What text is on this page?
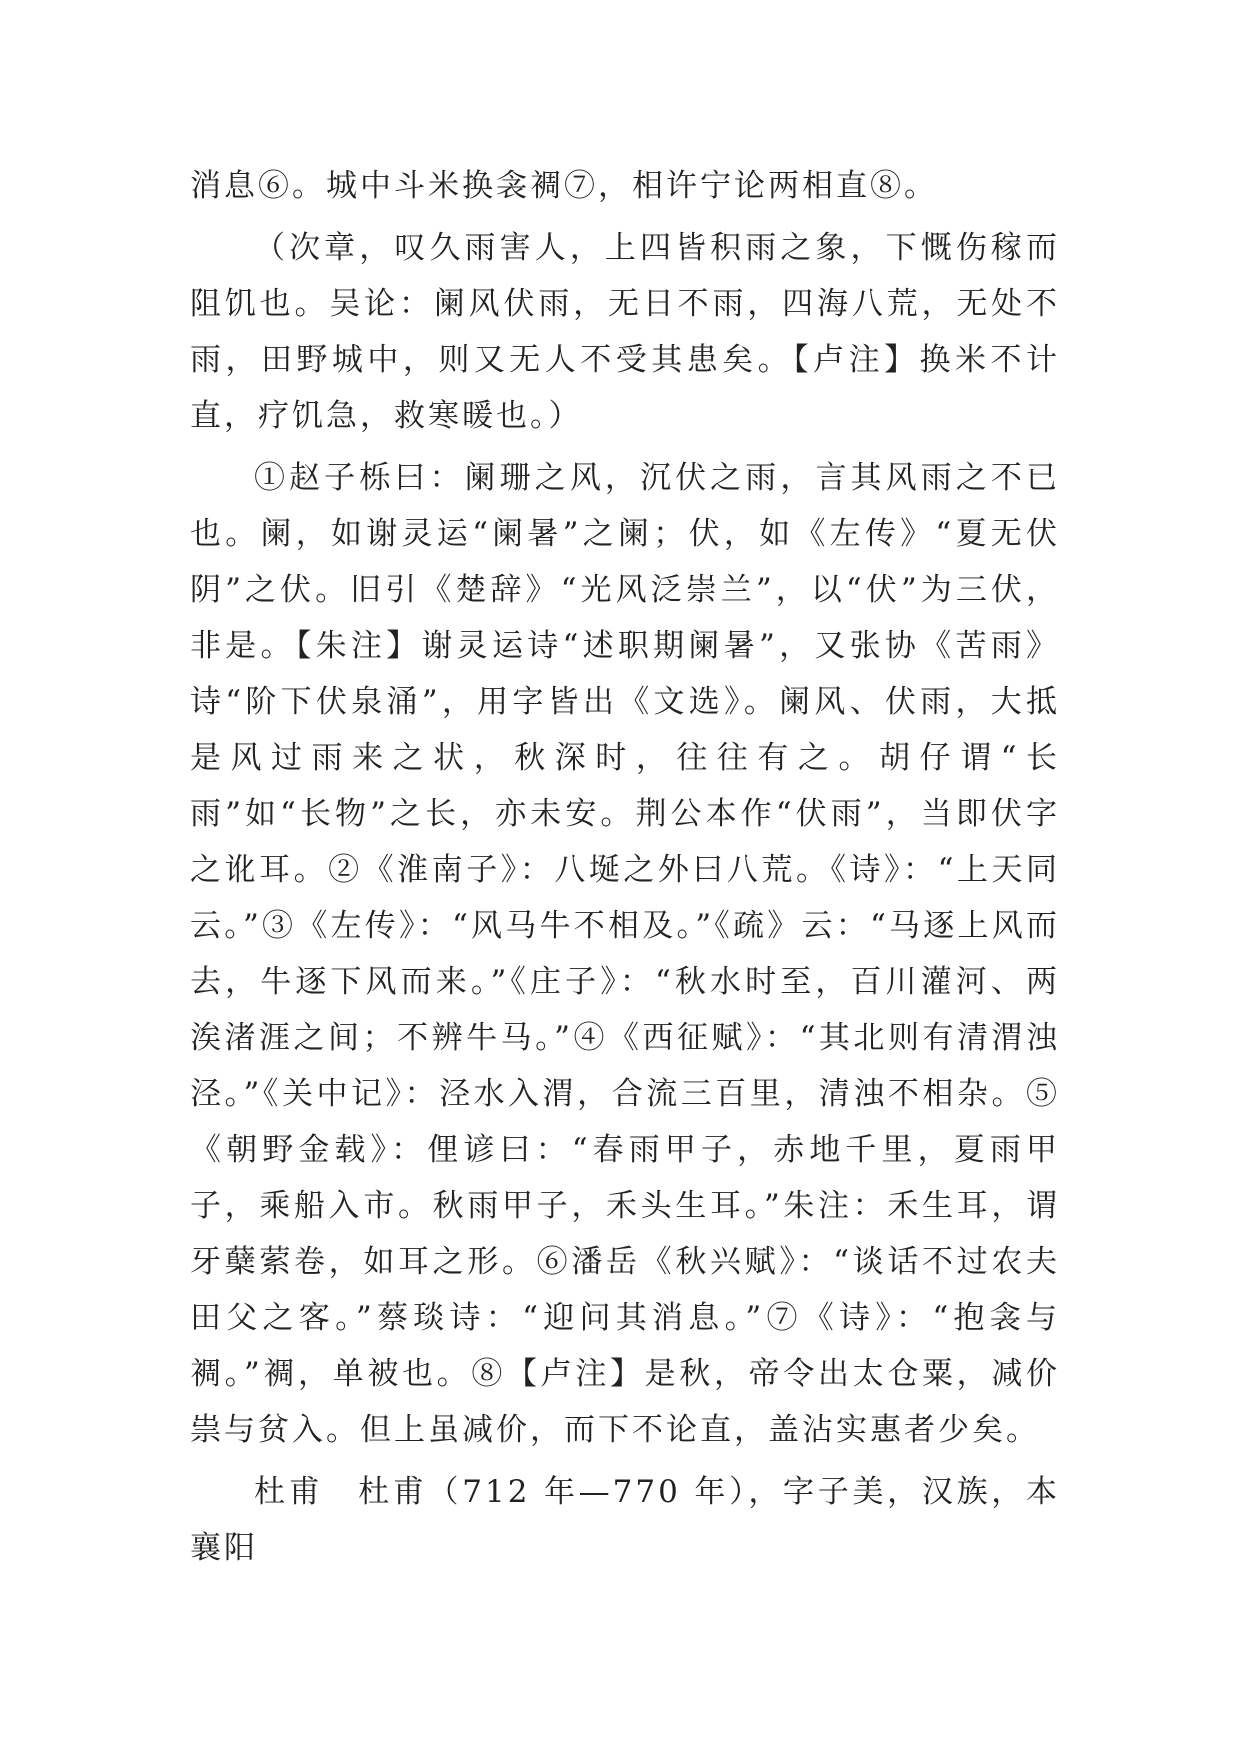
消息⑥。城中斗米换衾裯⑦，相许宁论两相直⑧。

（次章，叹久雨害人，上四皆积雨之象，下慨伤稼而阻饥也。吴论：阑风伏雨，无日不雨，四海八荒，无处不雨，田野城中，则又无人不受其患矣。【卢注】换米不计直，疗饥急，救寒暖也。）

①赵子栎曰：阑珊之风，沉伏之雨，言其风雨之不已也。阑，如谢灵运“阑暑”之阑；伏，如《左传》“夏无伏阴”之伏。旧引《楚辞》“光风泛崇兰”，以“伏”为三伏，非是。【朱注】谢灵运诗“述职期阑暑”，又张协《苦雨》诗“阶下伏泉涌”，用字皆出《文选》。阑风、伏雨，大抵是风过雨来之状，秋深时，往往有之。胡仔谓“长雨”如“长物”之长，亦未安。荆公本作“伏雨”，当即伏字之讹耳。②《淮南子》：八埏之外曰八荒。《诗》：“上天同云。”③《左传》：“风马牛不相及。”《疏》云：“马逐上风而去，牛逐下风而来。”《庄子》：“秋水时至，百川灌河、两涘渚涯之间；不辨牛马。”④《西征赋》：“其北则有清渭浊泾。”《关中记》：泾水入渭，合流三百里，清浊不相杂。⑤《朝野金载》：俚谚曰：“春雨甲子，赤地千里，夏雨甲子，乘船入市。秋雨甲子，禾头生耳。”朱注：禾生耳，谓牙蘖萦卷，如耳之形。⑥潘岳《秋兴赋》：“谈话不过农夫田父之客。”蔡琰诗：“迎问其消息。”⑦《诗》：“抱衾与裯。”裯，单被也。⑧【卢注】是秋，帝令出太仓粟，减价祟与贫入。但上虽减价，而下不论直，盖沾实惠者少矣。

杜甫　杜甫（712 年—770 年），字子美，汉族，本襄阳
